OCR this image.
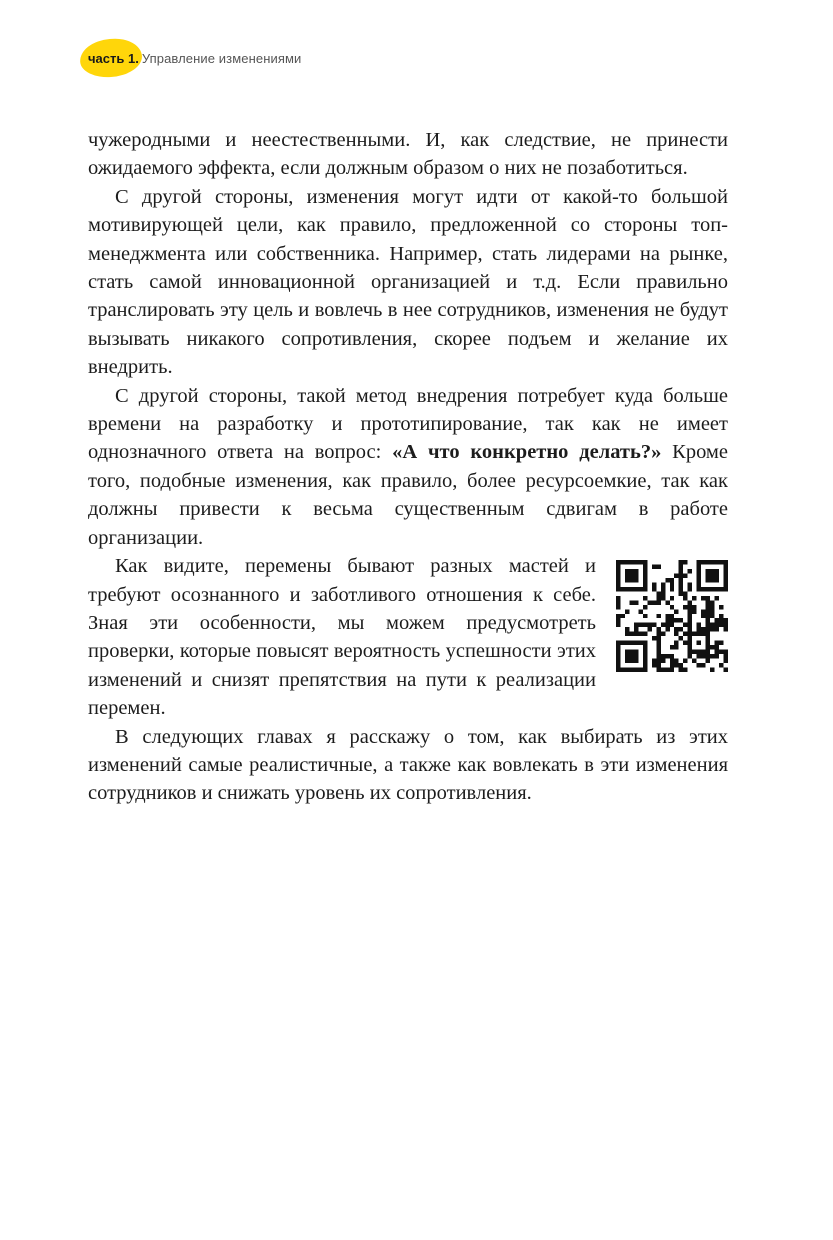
часть 1. Управление изменениями

чужеродными и неестественными. И, как следствие, не принести ожидаемого эффекта, если должным образом о них не позаботиться.

С другой стороны, изменения могут идти от какой-то большой мотивирующей цели, как правило, предложенной со стороны топ-менеджмента или собственника. Например, стать лидерами на рынке, стать самой инновационной организацией и т.д. Если правильно транслировать эту цель и вовлечь в нее сотрудников, изменения не будут вызывать никакого сопротивления, скорее подъем и желание их внедрить.

С другой стороны, такой метод внедрения потребует куда больше времени на разработку и прототипирование, так как не имеет однозначного ответа на вопрос: «А что конкретно делать?» Кроме того, подобные изменения, как правило, более ресурсоемкие, так как должны привести к весьма существенным сдвигам в работе организации.

Как видите, перемены бывают разных мастей и требуют осознанного и заботливого отношения к себе. Зная эти особенности, мы можем предусмотреть проверки, которые повысят вероятность успешности этих изменений и снизят препятствия на пути к реализации перемен.

В следующих главах я расскажу о том, как выбирать из этих изменений самые реалистичные, а также как вовлекать в эти изменения сотрудников и снижать уровень их сопротивления.
